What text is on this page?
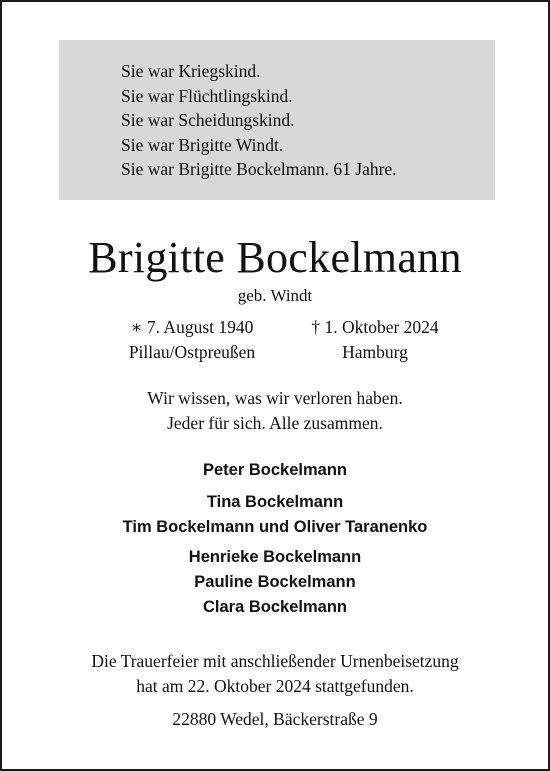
Sie war Kriegskind.
Sie war Flüchtlingskind.
Sie war Scheidungskind.
Sie war Brigitte Windt.
Sie war Brigitte Bockelmann. 61 Jahre.
Brigitte Bockelmann
geb. Windt
∗ 7. August 1940
Pillau/Ostpreußen
† 1. Oktober 2024
Hamburg
Wir wissen, was wir verloren haben.
Jeder für sich. Alle zusammen.
Peter Bockelmann
Tina Bockelmann
Tim Bockelmann und Oliver Taranenko
Henrieke Bockelmann
Pauline Bockelmann
Clara Bockelmann
Die Trauerfeier mit anschließender Urnenbeisetzung
hat am 22. Oktober 2024 stattgefunden.
22880 Wedel, Bäckerstraße 9
